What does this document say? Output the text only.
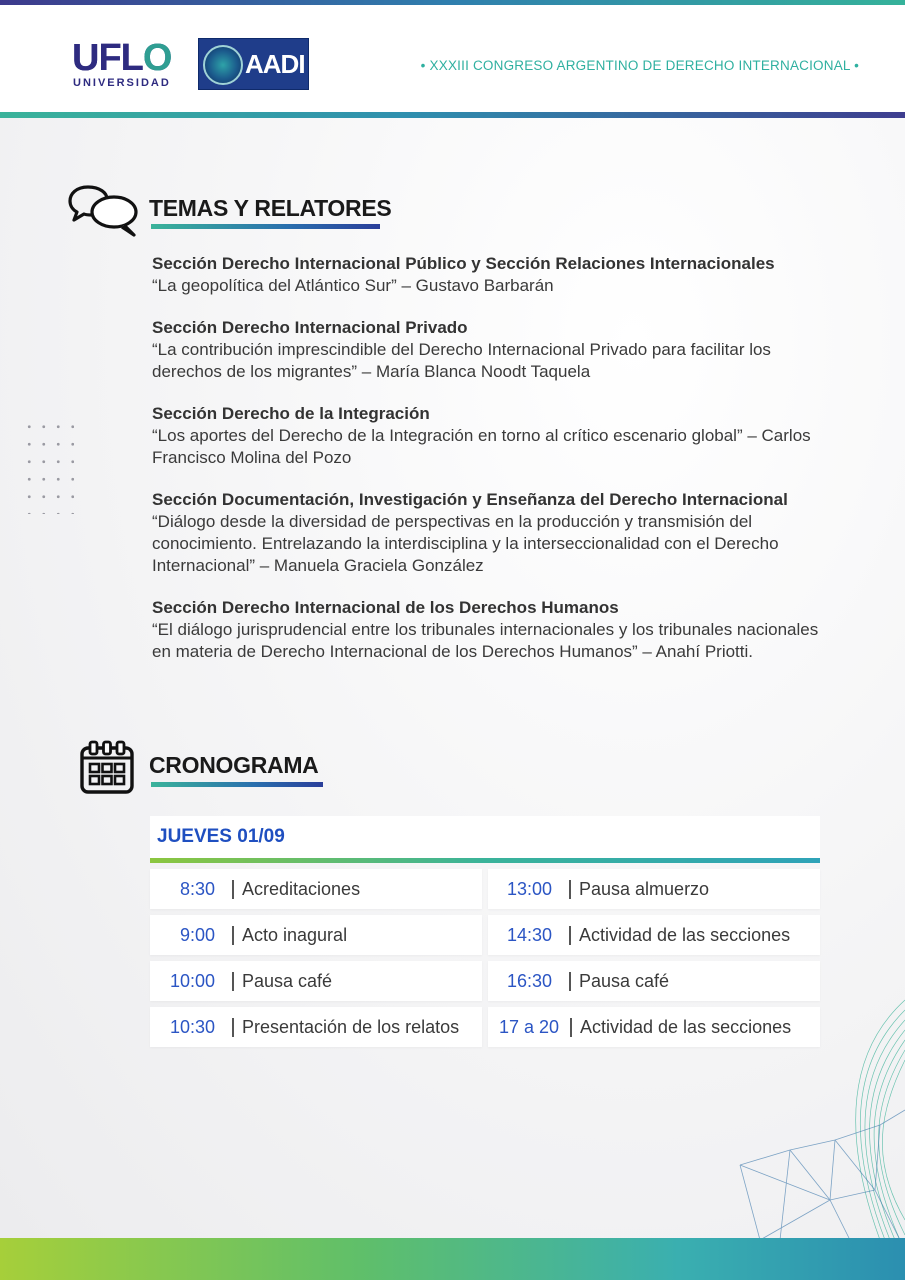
UFLO
UNIVERSIDAD
AADI	• XXXIII CONGRESO ARGENTINO DE DERECHO INTERNACIONAL •
TEMAS Y RELATORES
Sección Derecho Internacional Público y Sección Relaciones Internacionales
“La geopolítica del Atlántico Sur” – Gustavo Barbarán
Sección Derecho Internacional Privado
“La contribución imprescindible del Derecho Internacional Privado para facilitar los derechos de los migrantes” – María Blanca Noodt Taquela
Sección Derecho de la Integración
“Los aportes del Derecho de la Integración en torno al crítico escenario global” – Carlos Francisco Molina del Pozo
Sección Documentación, Investigación y Enseñanza del Derecho Internacional
“Diálogo desde la diversidad de perspectivas en la producción y transmisión del conocimiento. Entrelazando la interdisciplina y la interseccionalidad con el Derecho Internacional” – Manuela Graciela González
Sección Derecho Internacional de los Derechos Humanos
“El diálogo jurisprudencial entre los tribunales internacionales y los tribunales nacionales en materia de Derecho Internacional de los Derechos Humanos” – Anahí Priotti.
CRONOGRAMA
JUEVES 01/09
8:30 Acreditaciones
9:00 Acto inagural
10:00 Pausa café
10:30 Presentación de los relatos
13:00 Pausa almuerzo
14:30 Actividad de las secciones
16:30 Pausa café
17 a 20 Actividad de las secciones
